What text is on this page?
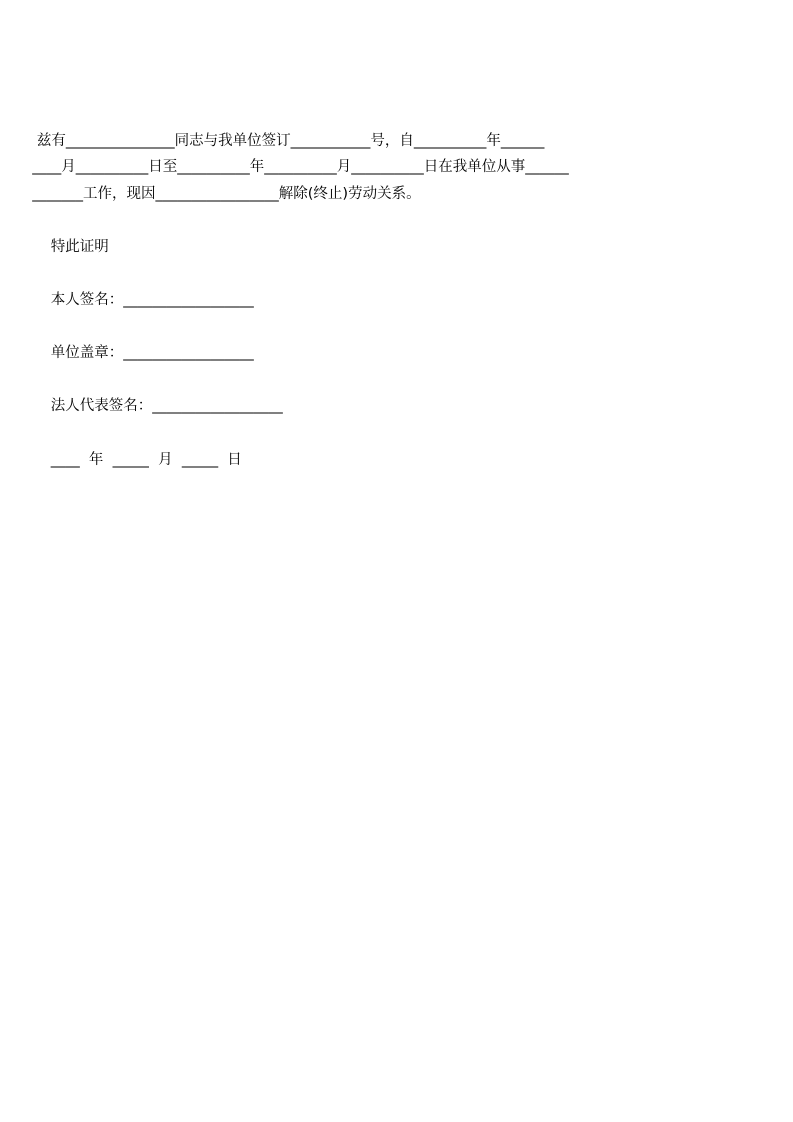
兹有_______________同志与我单位签订___________号，自__________年______
____月__________日至__________年__________月__________日在我单位从事______
_______工作，现因_________________解除(终止)劳动关系。
特此证明
本人签名：__________________
单位盖章：__________________
法人代表签名：__________________
____  年  _____  月  _____  日
